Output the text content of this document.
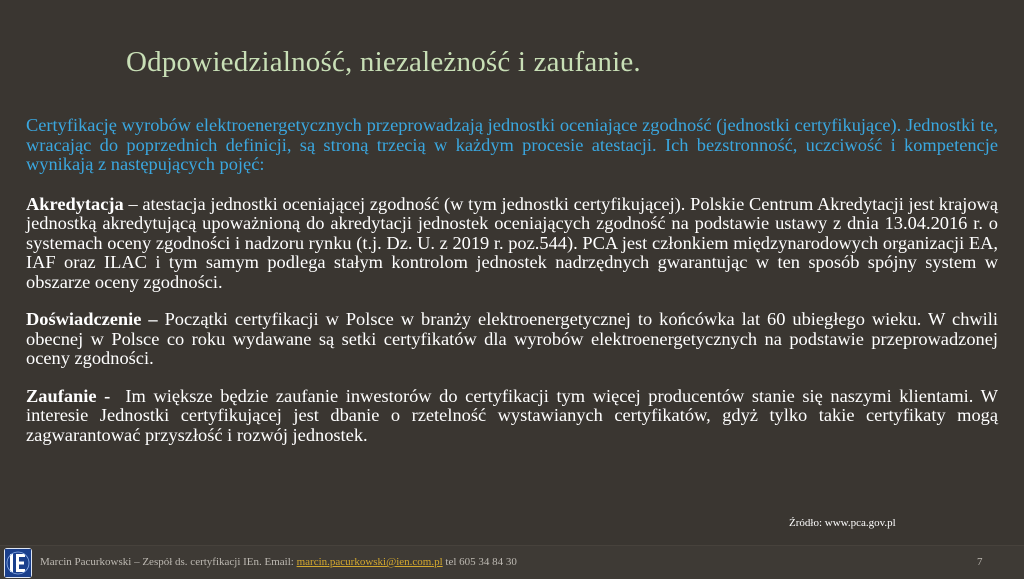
Odpowiedzialność, niezależność i zaufanie.

Certyfikację wyrobów elektroenergetycznych przeprowadzają jednostki oceniające zgodność (jednostki certyfikujące). Jednostki te, wracając do poprzednich definicji, są stroną trzecią w każdym procesie atestacji. Ich bezstronność, uczciwość i kompetencje wynikają z następujących pojęć:

Akredytacja – atestacja jednostki oceniającej zgodność (w tym jednostki certyfikującej). Polskie Centrum Akredytacji jest krajową jednostką akredytującą upoważnioną do akredytacji jednostek oceniających zgodność na podstawie ustawy z dnia 13.04.2016 r. o systemach oceny zgodności i nadzoru rynku (t.j. Dz. U. z 2019 r. poz.544). PCA jest członkiem międzynarodowych organizacji EA, IAF oraz ILAC i tym samym podlega stałym kontrolom jednostek nadrzędnych gwarantując w ten sposób spójny system w obszarze oceny zgodności.

Doświadczenie – Początki certyfikacji w Polsce w branży elektroenergetycznej to końcówka lat 60 ubiegłego wieku. W chwili obecnej w Polsce co roku wydawane są setki certyfikatów dla wyrobów elektroenergetycznych na podstawie przeprowadzonej oceny zgodności.

Zaufanie -  Im większe będzie zaufanie inwestorów do certyfikacji tym więcej producentów stanie się naszymi klientami. W interesie Jednostki certyfikującej jest dbanie o rzetelność wystawianych certyfikatów, gdyż tylko takie certyfikaty mogą zagwarantować przyszłość i rozwój jednostek.

Źródło: www.pca.gov.pl
Marcin Pacurkowski – Zespół ds. certyfikacji IEn. Email: marcin.pacurkowski@ien.com.pl tel 605 34 84 30	7
